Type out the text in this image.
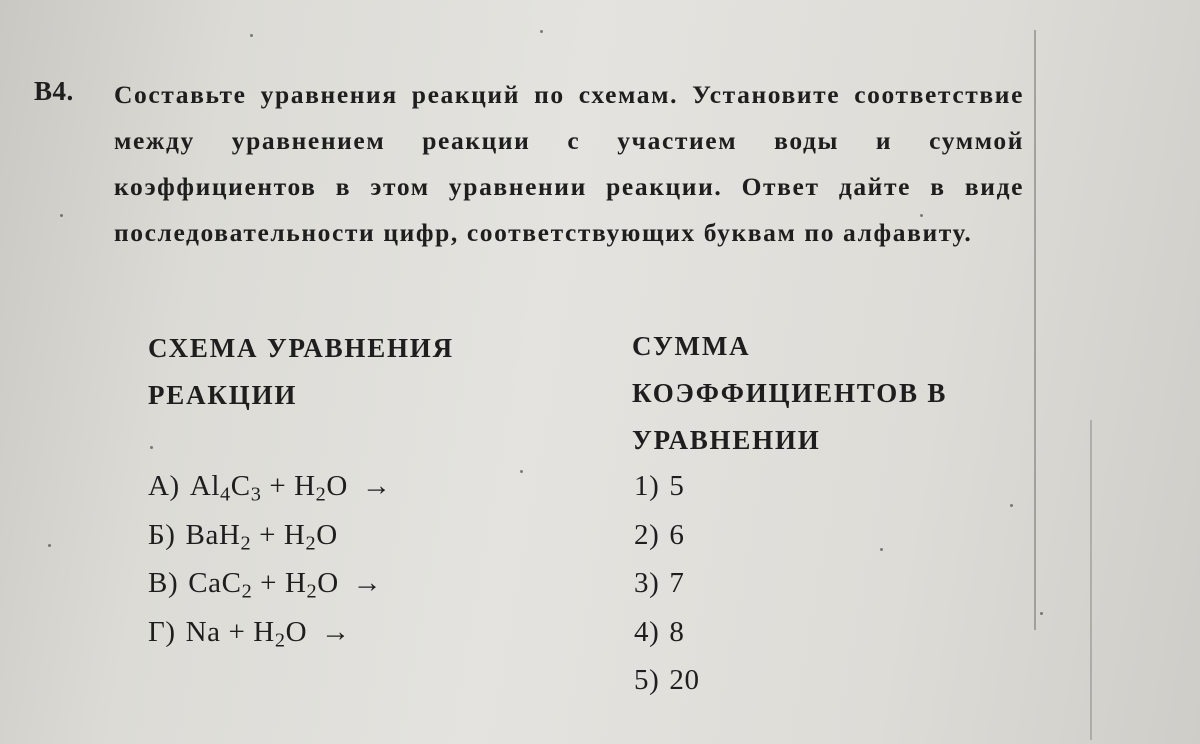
B4. Составьте уравнения реакций по схемам. Установите соответствие между уравнением реакции с участием воды и суммой коэффициентов в этом уравнении реакции. Ответ дайте в виде последовательности цифр, соответствующих буквам по алфавиту.
СХЕМА УРАВНЕНИЯ РЕАКЦИИ
СУММА КОЭФФИЦИЕНТОВ В УРАВНЕНИИ
А) $Al_4C_3 + H_2O$ →
Б) $BaH_2 + H_2O$
В) $CaC_2 + H_2O$ →
Г) $Na + H_2O$ →
1) 5
2) 6
3) 7
4) 8
5) 20
